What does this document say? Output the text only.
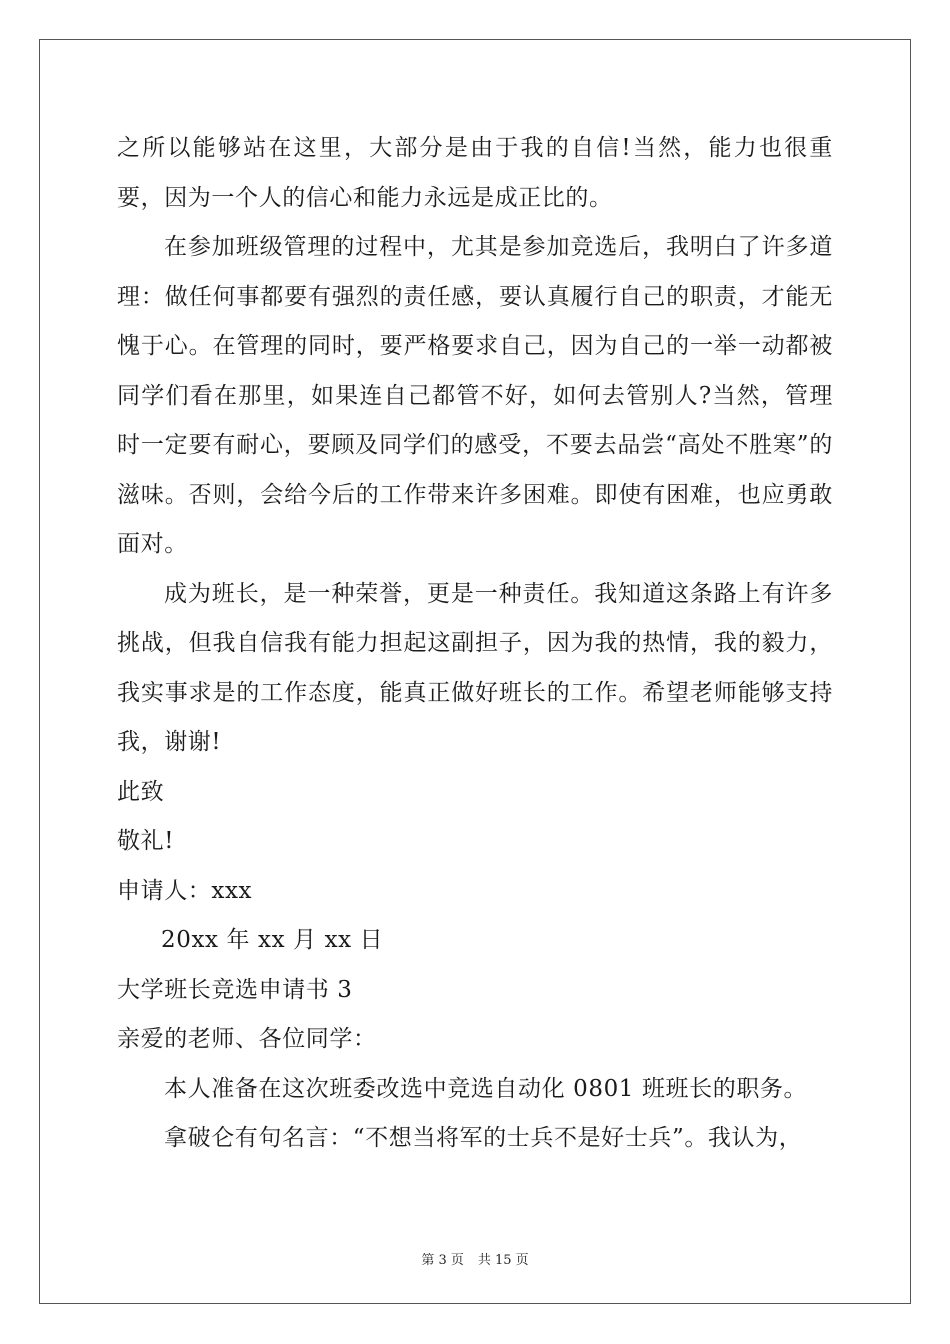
之所以能够站在这里，大部分是由于我的自信!当然，能力也很重要，因为一个人的信心和能力永远是成正比的。

在参加班级管理的过程中，尤其是参加竞选后，我明白了许多道理：做任何事都要有强烈的责任感，要认真履行自己的职责，才能无愧于心。在管理的同时，要严格要求自己，因为自己的一举一动都被同学们看在那里，如果连自己都管不好，如何去管别人?当然，管理时一定要有耐心，要顾及同学们的感受，不要去品尝“高处不胜寒”的滋味。否则，会给今后的工作带来许多困难。即使有困难，也应勇敢面对。

成为班长，是一种荣誉，更是一种责任。我知道这条路上有许多挑战，但我自信我有能力担起这副担子，因为我的热情，我的毅力，我实事求是的工作态度，能真正做好班长的工作。希望老师能够支持我，谢谢!

此致

敬礼!

申请人：xxx

20xx 年 xx 月 xx 日

大学班长竞选申请书 3

亲爱的老师、各位同学：

本人准备在这次班委改选中竞选自动化 0801 班班长的职务。

拿破仑有句名言：“不想当将军的士兵不是好士兵”。我认为，

第 3 页 共 15 页
